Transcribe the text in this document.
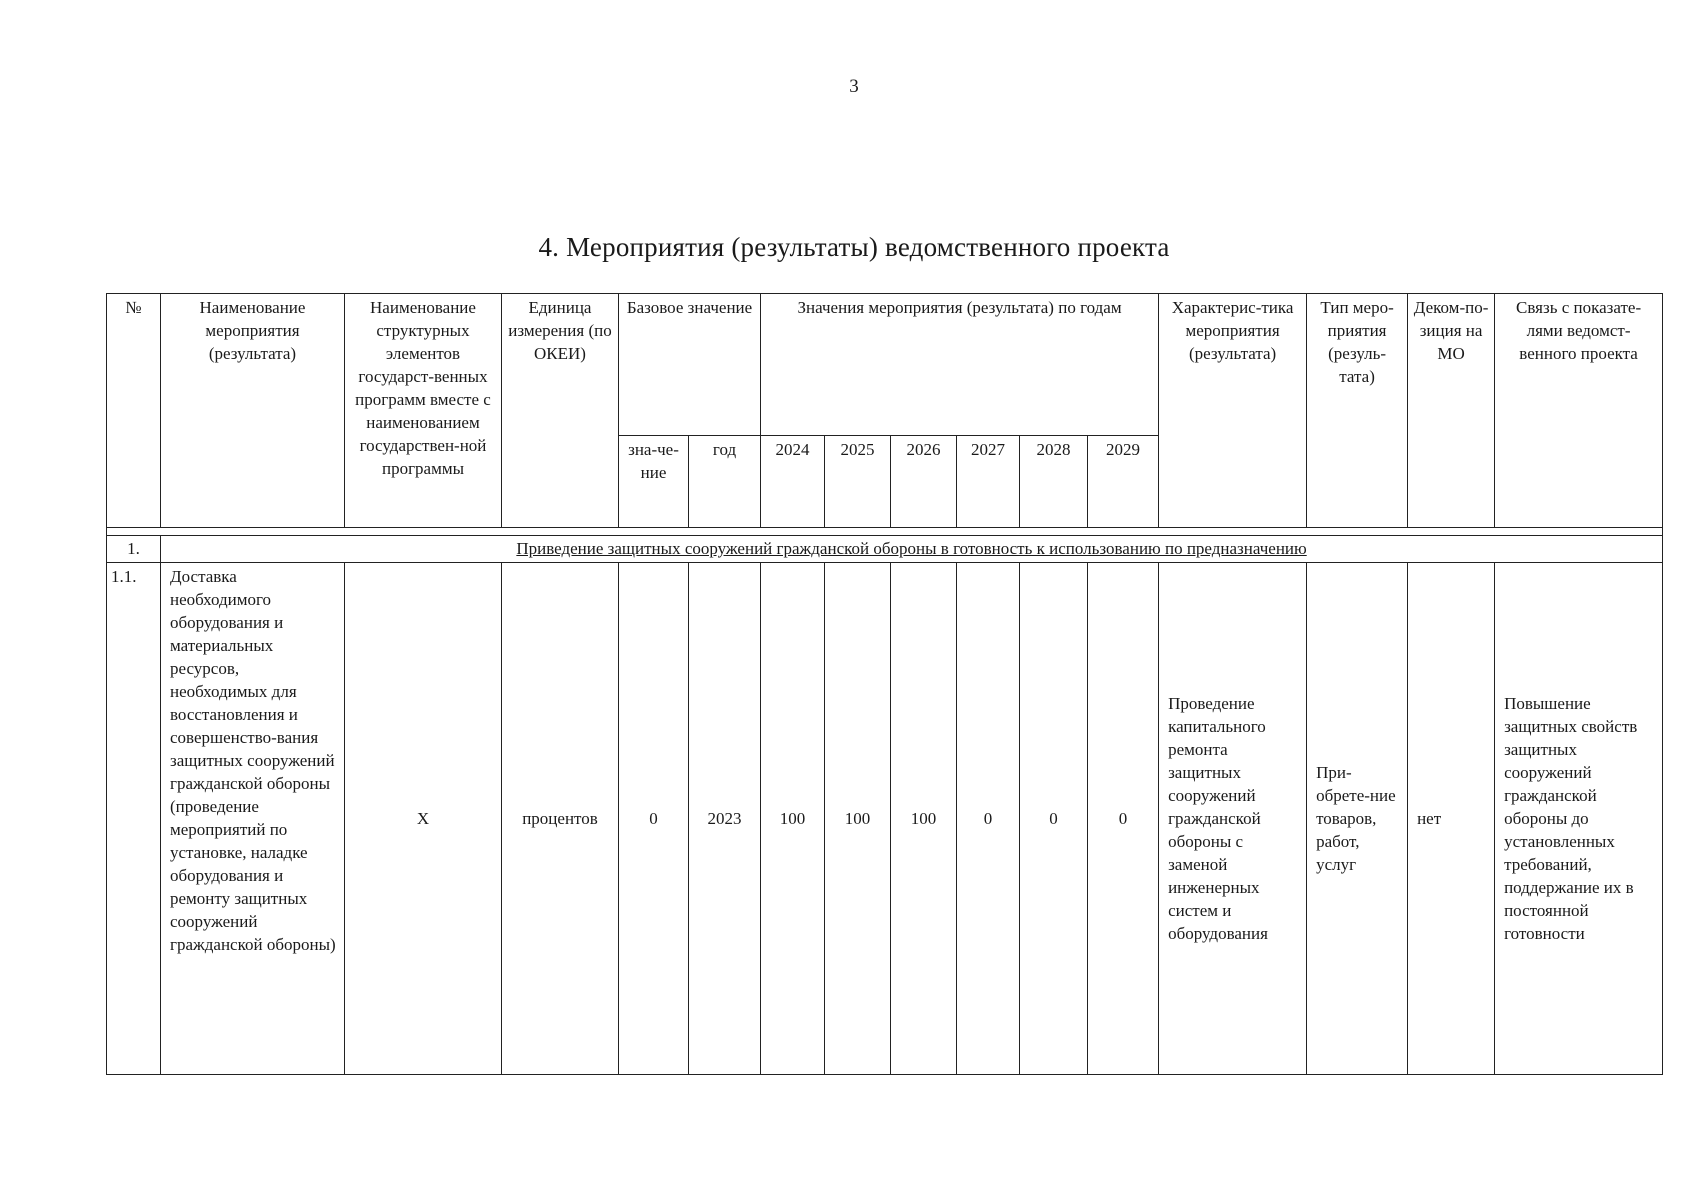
3
4. Мероприятия (результаты) ведомственного проекта
№	Наименование мероприятия (результата)	Наименование структурных элементов государст-венных программ вместе с наименованием государствен-ной программы	Единица измерения (по ОКЕИ)	Базовое значение		Значения мероприятия (результата) по годам						Характерис-тика мероприятия (результата)	Тип меро-приятия (резуль-тата)	Деком-по-зиция на МО	Связь с показате-лями ведомст-венного проекта
				зна-че-ние	год	2024	2025	2026	2027	2028	2029				

1.	Приведение защитных сооружений гражданской обороны в готовность к использованию по предназначению														
1.1.	Доставка необходимого оборудования и материальных ресурсов, необходимых для восстановления и совершенство-вания защитных сооружений гражданской обороны (проведение мероприятий по установке, наладке оборудования и ремонту защитных сооружений гражданской обороны)	Х	процентов	0	2023	100	100	100	0	0	0	Проведение капитального ремонта защитных сооружений гражданской обороны с заменой инженерных систем и оборудования	При-обрете-ние товаров, работ, услуг	нет	Повышение защитных свойств защитных сооружений гражданской обороны до установленных требований, поддержание их в постоянной готовности
